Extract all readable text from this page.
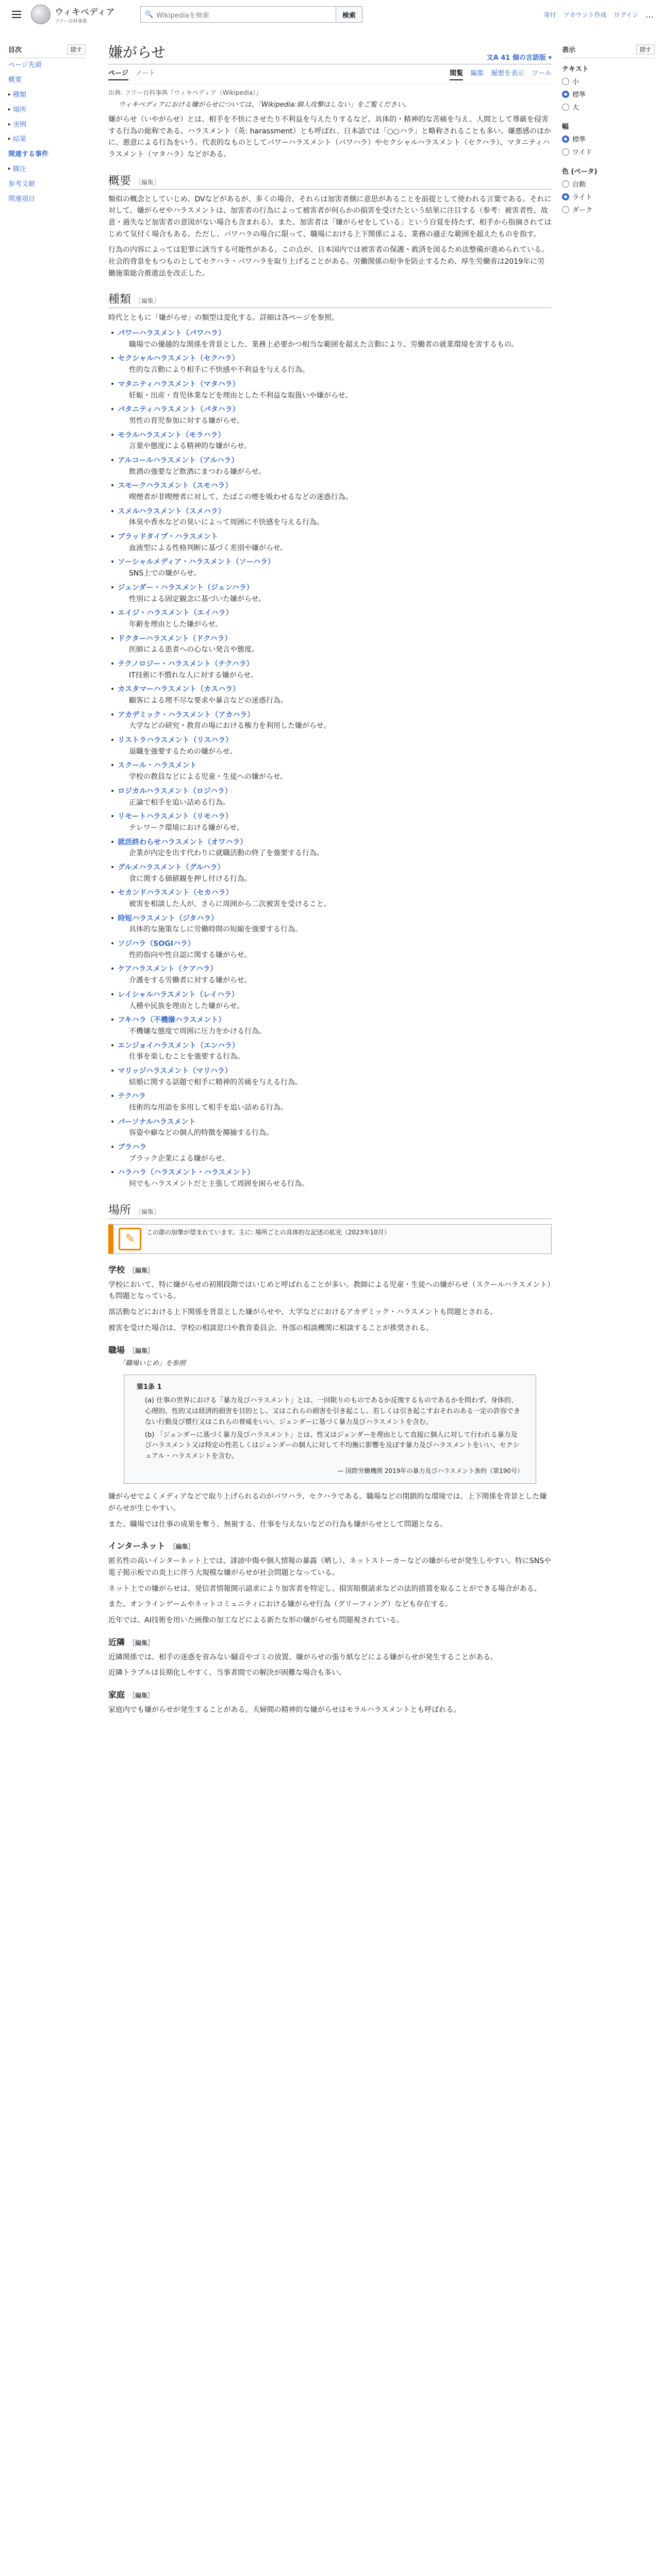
ウィキペディア
フリー百科事典
🔍 Wikipediaを検索	検索	寄付 アカウント作成 ログイン …
目次	隠す
ページ先頭
概要
▸ 種類
▸ 場所
▸ 実例
▸ 結果
関連する事件
▸ 脚注
参考文献
関連項目
表示	隠す
テキスト
小
標準
大
幅
標準
ワイド
色 (ベータ)
自動
ライト
ダーク
嫌がらせ	文A 41 個の言語版 ▾
ページ ノート	閲覧 編集 履歴を表示 ツール
出典: フリー百科事典『ウィキペディア（Wikipedia）』
ウィキペディアにおける嫌がらせについては、「Wikipedia:個人攻撃はしない」をご覧ください。

嫌がらせ（いやがらせ）とは、相手を不快にさせたり不利益を与えたりするなど、具体的・精神的な苦痛を与え、人間として尊厳を侵害する行為の総称である。ハラスメント（英: harassment）とも呼ばれ、日本語では「○○ハラ」と略称されることも多い。嫌悪感のほかに、悪意による行為をいう。代表的なものとしてパワーハラスメント（パワハラ）やセクシャルハラスメント（セクハラ）、マタニティハラスメント（マタハラ）などがある。

概要 ［編集］

類似の概念としていじめ、DVなどがあるが、多くの場合、それらは加害者側に意思があることを前提として使われる言葉である。それに対して、嫌がらせやハラスメントは、加害者の行為によって被害者が何らかの損害を受けたという結果に注目する（参考：被害者性、故意・過失など加害者の意図がない場合も含まれる）。また、加害者は「嫌がらせをしている」という自覚を持たず、相手から指摘されてはじめて気付く場合もある。ただし、パワハラの場合に限って、職場における上下関係による、業務の適正な範囲を超えたものを指す。

行為の内容によっては犯罪に該当する可能性がある。この点が、日本国内では被害者の保護・救済を図るため法整備が進められている。社会的背景をもつものとしてセクハラ・パワハラを取り上げることがある。労働関係の紛争を防止するため、厚生労働省は2019年に労働施策総合推進法を改正した。

種類 ［編集］

時代とともに「嫌がらせ」の類型は変化する。詳細は各ページを参照。

• パワーハラスメント（パワハラ）
職場での優越的な関係を背景とした、業務上必要かつ相当な範囲を超えた言動により、労働者の就業環境を害するもの。
• セクシャルハラスメント（セクハラ）
性的な言動により相手に不快感や不利益を与える行為。
• マタニティハラスメント（マタハラ）
妊娠・出産・育児休業などを理由とした不利益な取扱いや嫌がらせ。
• パタニティハラスメント（パタハラ）
男性の育児参加に対する嫌がらせ。
• モラルハラスメント（モラハラ）
言葉や態度による精神的な嫌がらせ。
• アルコールハラスメント（アルハラ）
飲酒の強要など飲酒にまつわる嫌がらせ。
• スモークハラスメント（スモハラ）
喫煙者が非喫煙者に対して、たばこの煙を吸わせるなどの迷惑行為。
• スメルハラスメント（スメハラ）
体臭や香水などの臭いによって周囲に不快感を与える行為。
• ブラッドタイプ・ハラスメント
血液型による性格判断に基づく差別や嫌がらせ。
• ソーシャルメディア・ハラスメント（ソーハラ）
SNS上での嫌がらせ。
• ジェンダー・ハラスメント（ジェンハラ）
性別による固定観念に基づいた嫌がらせ。
• エイジ・ハラスメント（エイハラ）
年齢を理由とした嫌がらせ。
• ドクターハラスメント（ドクハラ）
医師による患者への心ない発言や態度。
• テクノロジー・ハラスメント（テクハラ）
IT技術に不慣れな人に対する嫌がらせ。
• カスタマーハラスメント（カスハラ）
顧客による理不尽な要求や暴言などの迷惑行為。
• アカデミック・ハラスメント（アカハラ）
大学などの研究・教育の場における権力を利用した嫌がらせ。
• リストラハラスメント（リスハラ）
退職を強要するための嫌がらせ。
• スクール・ハラスメント
学校の教員などによる児童・生徒への嫌がらせ。
• ロジカルハラスメント（ロジハラ）
正論で相手を追い詰める行為。
• リモートハラスメント（リモハラ）
テレワーク環境における嫌がらせ。
• 就活終わらせハラスメント（オワハラ）
企業が内定を出す代わりに就職活動の終了を強要する行為。
• グルメハラスメント（グルハラ）
食に関する価値観を押し付ける行為。
• セカンドハラスメント（セカハラ）
被害を相談した人が、さらに周囲から二次被害を受けること。
• 時短ハラスメント（ジタハラ）
具体的な施策なしに労働時間の短縮を強要する行為。
• ソジハラ（SOGIハラ）
性的指向や性自認に関する嫌がらせ。
• ケアハラスメント（ケアハラ）
介護をする労働者に対する嫌がらせ。
• レイシャルハラスメント（レイハラ）
人種や民族を理由とした嫌がらせ。
• フキハラ（不機嫌ハラスメント）
不機嫌な態度で周囲に圧力をかける行為。
• エンジョイハラスメント（エンハラ）
仕事を楽しむことを強要する行為。
• マリッジハラスメント（マリハラ）
結婚に関する話題で相手に精神的苦痛を与える行為。
• テクハラ
技術的な用語を多用して相手を追い詰める行為。
• パーソナルハラスメント
容姿や癖などの個人的特徴を揶揄する行為。
• ブラハラ
ブラック企業による嫌がらせ。
• ハラハラ（ハラスメント・ハラスメント）
何でもハラスメントだと主張して周囲を困らせる行為。
場所 ［編集］
✎
この節の加筆が望まれています。主に: 場所ごとの具体的な記述の拡充（2023年10月）
学校 ［編集］

学校において、特に嫌がらせの初期段階ではいじめと呼ばれることが多い。教師による児童・生徒への嫌がらせ（スクールハラスメント）も問題となっている。

部活動などにおける上下関係を背景とした嫌がらせや、大学などにおけるアカデミック・ハラスメントも問題とされる。

被害を受けた場合は、学校の相談窓口や教育委員会、外部の相談機関に相談することが推奨される。

職場 ［編集］
「職場いじめ」を参照
第1条 1
(a) 仕事の世界における「暴力及びハラスメント」とは、一回限りのものであるか反復するものであるかを問わず、身体的、心理的、性的又は経済的損害を目的とし、又はこれらの損害を引き起こし、若しくは引き起こすおそれのある一定の許容できない行動及び慣行又はこれらの脅威をいい、ジェンダーに基づく暴力及びハラスメントを含む。
(b) 「ジェンダーに基づく暴力及びハラスメント」とは、性又はジェンダーを理由として直接に個人に対して行われる暴力及びハラスメント又は特定の性若しくはジェンダーの個人に対して不均衡に影響を及ぼす暴力及びハラスメントをいい、セクシュアル・ハラスメントを含む。
— 国際労働機関 2019年の暴力及びハラスメント条約（第190号）

嫌がらせでよくメディアなどで取り上げられるのがパワハラ、セクハラである。職場などの閉鎖的な環境では、上下関係を背景とした嫌がらせが生じやすい。

また、職場では仕事の成果を奪う、無視する、仕事を与えないなどの行為も嫌がらせとして問題となる。

インターネット ［編集］

匿名性の高いインターネット上では、誹謗中傷や個人情報の暴露（晒し）、ネットストーカーなどの嫌がらせが発生しやすい。特にSNSや電子掲示板での炎上に伴う大規模な嫌がらせが社会問題となっている。

ネット上での嫌がらせは、発信者情報開示請求により加害者を特定し、損害賠償請求などの法的措置を取ることができる場合がある。

また、オンラインゲームやネットコミュニティにおける嫌がらせ行為（グリーフィング）なども存在する。

近年では、AI技術を用いた画像の加工などによる新たな形の嫌がらせも問題視されている。

近隣 ［編集］

近隣関係では、相手の迷惑を省みない騒音やゴミの放置、嫌がらせの張り紙などによる嫌がらせが発生することがある。

近隣トラブルは長期化しやすく、当事者間での解決が困難な場合も多い。

家庭 ［編集］

家庭内でも嫌がらせが発生することがある。夫婦間の精神的な嫌がらせはモラルハラスメントとも呼ばれる。
